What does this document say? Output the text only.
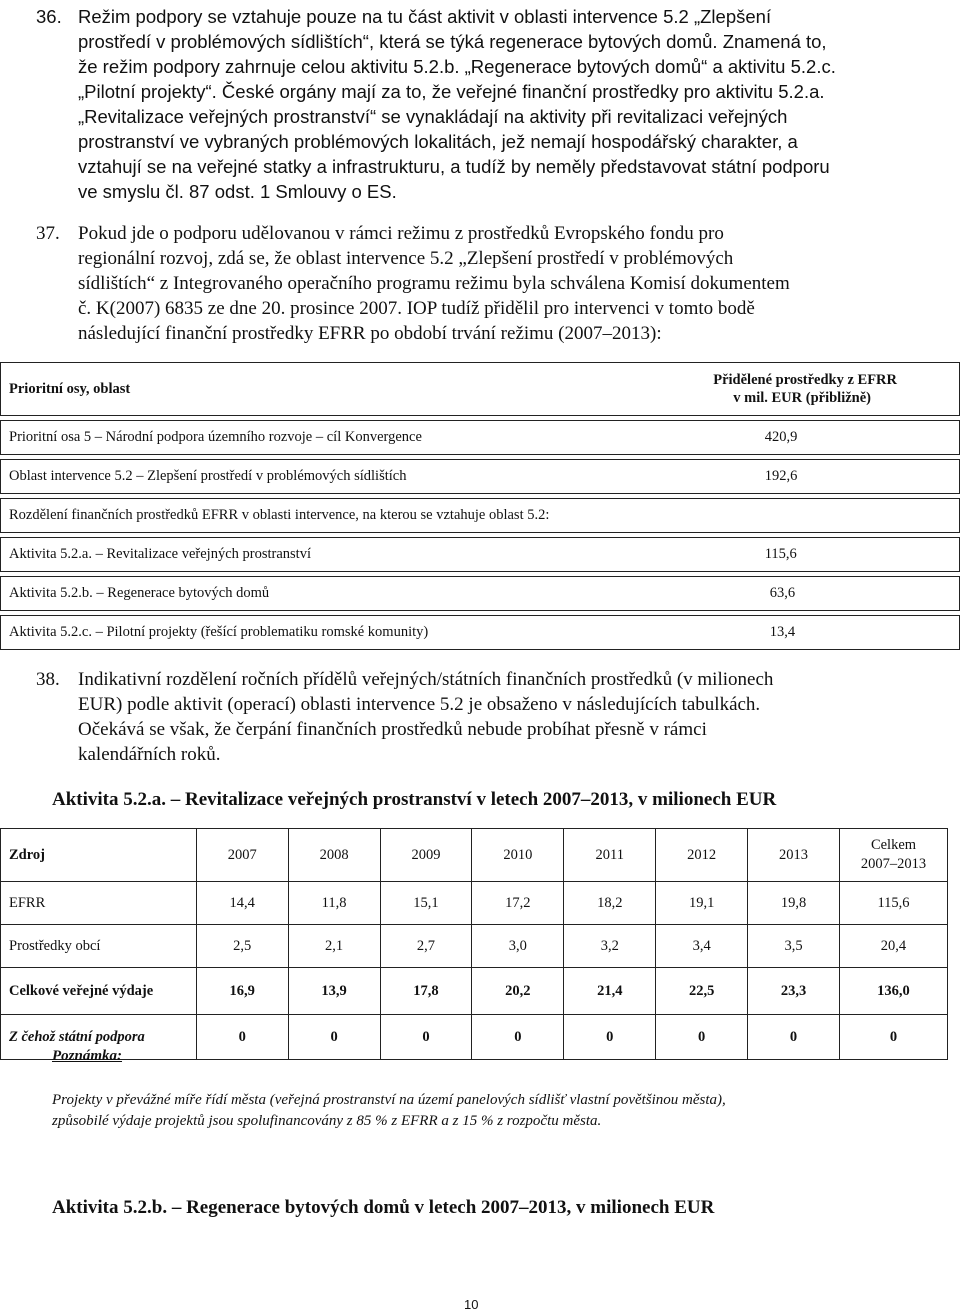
36. Režim podpory se vztahuje pouze na tu část aktivit v oblasti intervence 5.2 „Zlepšení
prostředí v problémových sídlištích“, která se týká regenerace bytových domů. Znamená to,
že režim podpory zahrnuje celou aktivitu 5.2.b. „Regenerace bytových domů“ a aktivitu 5.2.c.
„Pilotní projekty“. České orgány mají za to, že veřejné finanční prostředky pro aktivitu 5.2.a.
„Revitalizace veřejných prostranství“ se vynakládají na aktivity při revitalizaci veřejných
prostranství ve vybraných problémových lokalitách, jež nemají hospodářský charakter, a
vztahují se na veřejné statky a infrastrukturu, a tudíž by neměly představovat státní podporu
ve smyslu čl. 87 odst. 1 Smlouvy o ES.
37. Pokud jde o podporu udělovanou v rámci režimu z prostředků Evropského fondu pro
regionální rozvoj, zdá se, že oblast intervence 5.2 „Zlepšení prostředí v problémových
sídlištích“ z Integrovaného operačního programu režimu byla schválena Komisí dokumentem
č. K(2007) 6835 ze dne 20. prosince 2007. IOP tudíž přidělil pro intervenci v tomto bodě
následující finanční prostředky EFRR po období trvání režimu (2007–2013):
Prioritní osy, oblast	Přidělené prostředky z EFRR
v mil. EUR (přibližně)

Prioritní osa 5 – Národní podpora územního rozvoje – cíl Konvergence	420,9

Oblast intervence 5.2 – Zlepšení prostředí v problémových sídlištích	192,6

Rozdělení finančních prostředků EFRR v oblasti intervence, na kterou se vztahuje oblast 5.2:	

Aktivita 5.2.a. – Revitalizace veřejných prostranství	115,6

Aktivita 5.2.b. – Regenerace bytových domů	63,6

Aktivita 5.2.c. – Pilotní projekty (řešící problematiku romské komunity)	13,4
38. Indikativní rozdělení ročních přídělů veřejných/státních finančních prostředků (v milionech
EUR) podle aktivit (operací) oblasti intervence 5.2 je obsaženo v následujících tabulkách.
Očekává se však, že čerpání finančních prostředků nebude probíhat přesně v rámci
kalendářních roků.
Aktivita 5.2.a. – Revitalizace veřejných prostranství v letech 2007–2013, v milionech EUR
Zdroj	2007	2008	2009	2010	2011	2012	2013	Celkem
2007–2013

EFRR	14,4	11,8	15,1	17,2	18,2	19,1	19,8	115,6
Prostředky obcí	2,5	2,1	2,7	3,0	3,2	3,4	3,5	20,4
Celkové veřejné výdaje	16,9	13,9	17,8	20,2	21,4	22,5	23,3	136,0
Z čehož státní podpora	0	0	0	0	0	0	0	0
Poznámka:
Projekty v převážné míře řídí města (veřejná prostranství na území panelových sídlišť vlastní povětšinou města),
způsobilé výdaje projektů jsou spolufinancovány z 85 % z EFRR a z 15 % z rozpočtu města.
Aktivita 5.2.b. – Regenerace bytových domů v letech 2007–2013, v milionech EUR
10
